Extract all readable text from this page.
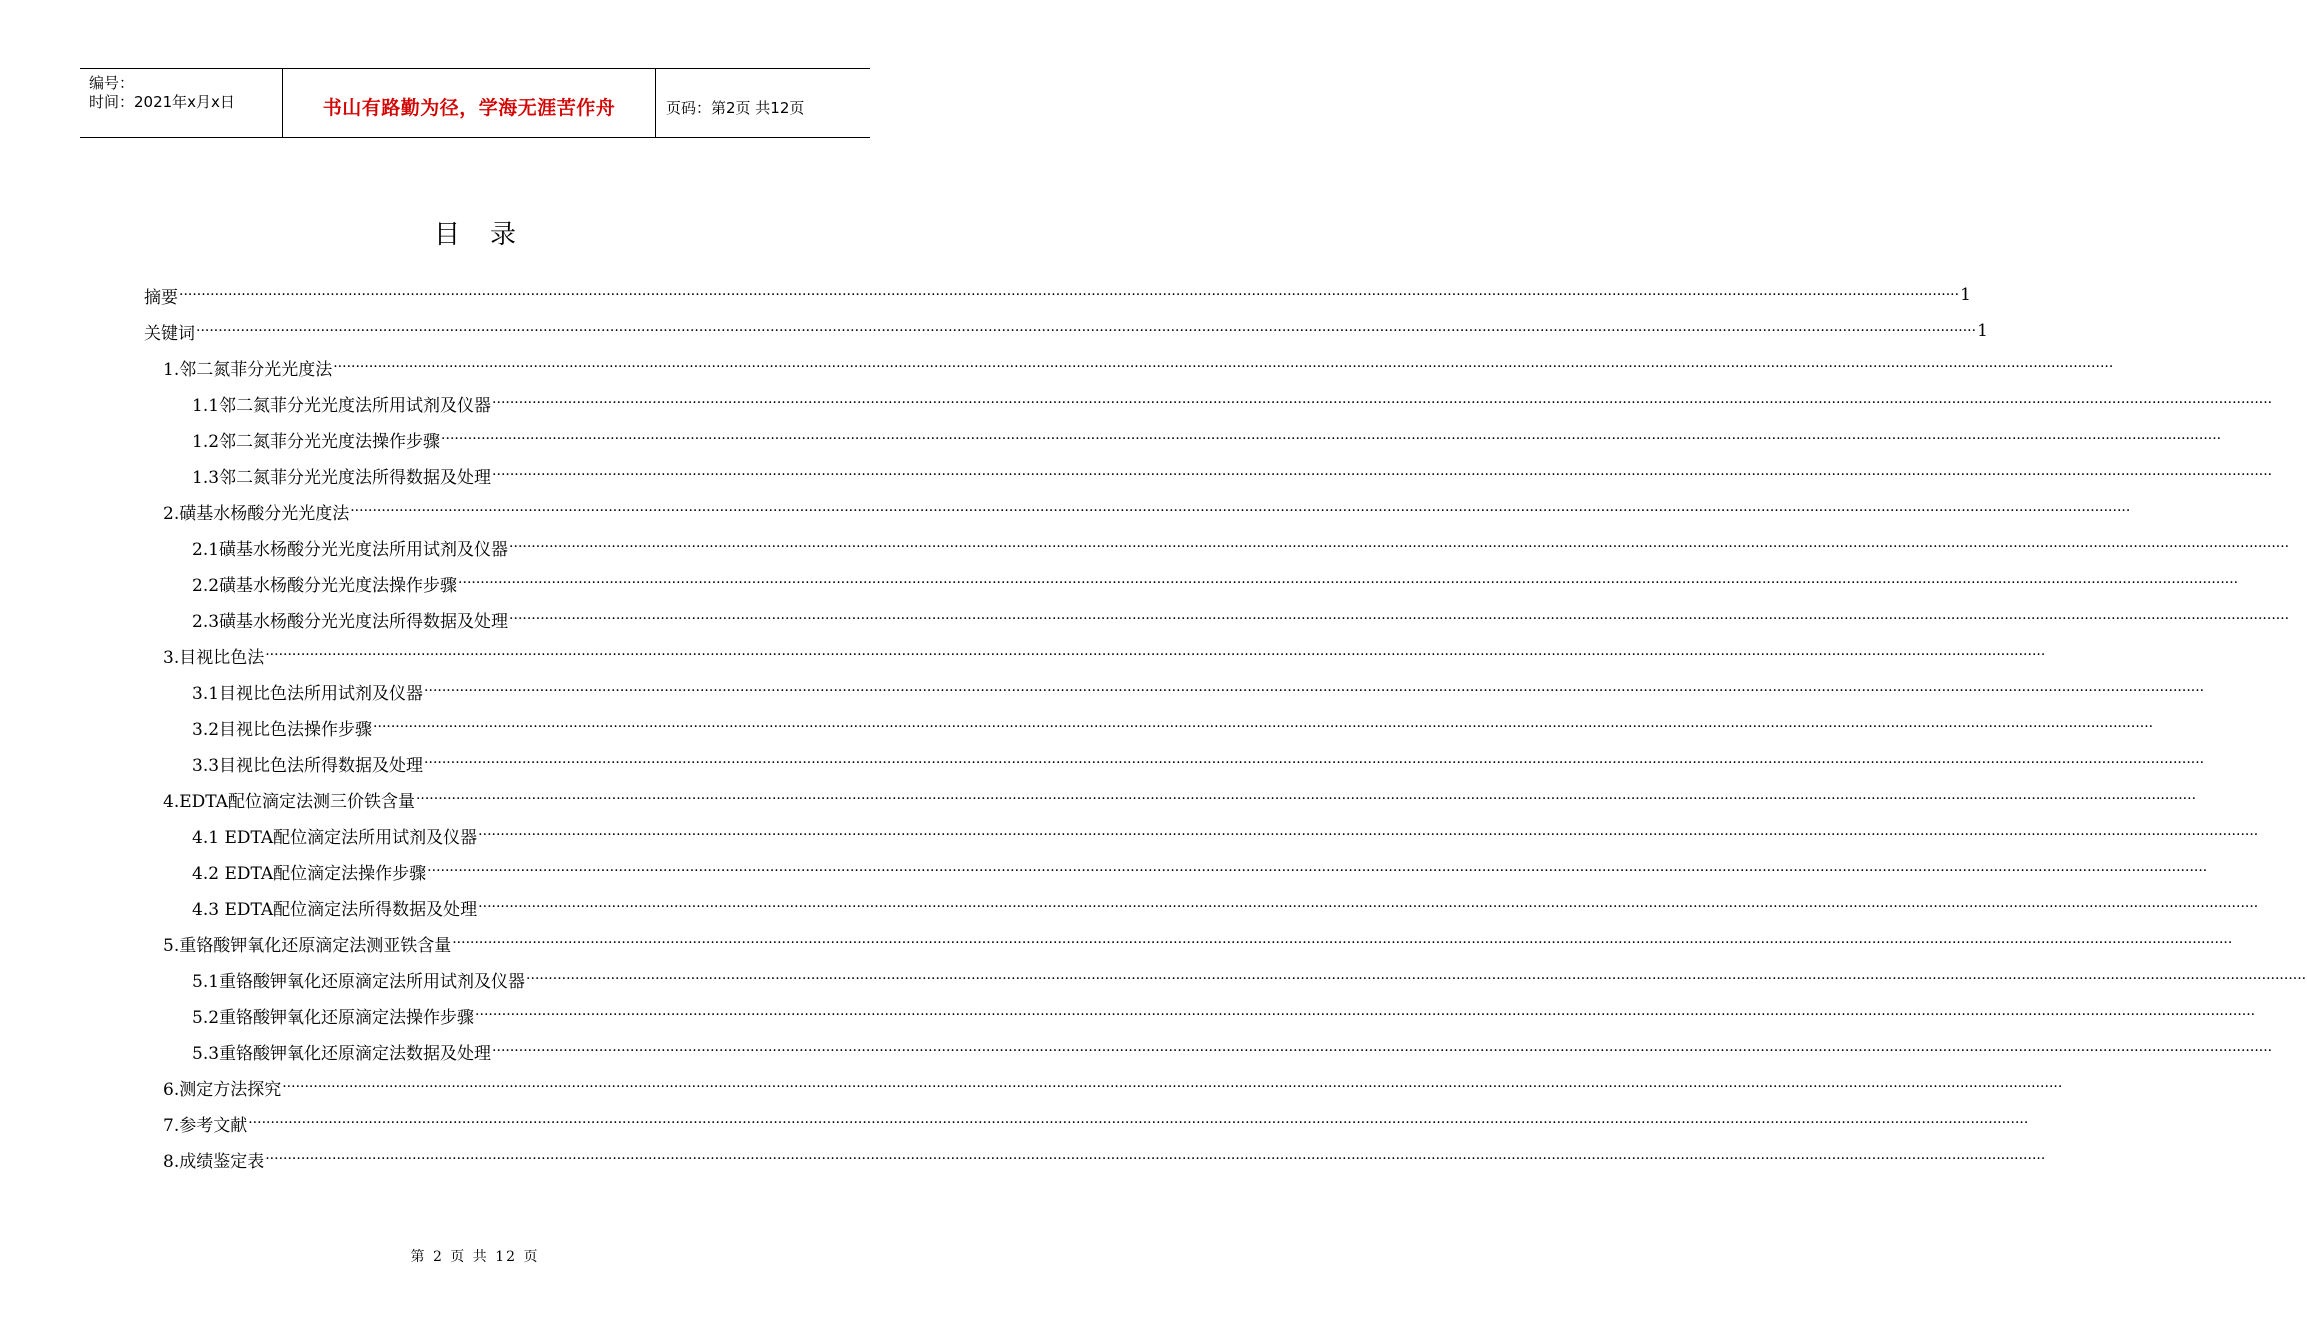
编号：
时间：2021年x月x日	书山有路勤为径，学海无涯苦作舟	页码：第2页 共12页
目录
摘要 ················································································································································································································································································································································································································ 1
关键词 ················································································································································································································································································································································································································ 1
1.邻二氮菲分光光度法 ················································································································································································································································································································································································································
1.1邻二氮菲分光光度法所用试剂及仪器 ················································································································································································································································································································································································································
1.2邻二氮菲分光光度法操作步骤 ················································································································································································································································································································································································································
1.3邻二氮菲分光光度法所得数据及处理 ················································································································································································································································································································································································································
2.磺基水杨酸分光光度法 ················································································································································································································································································································································································································
2.1磺基水杨酸分光光度法所用试剂及仪器 ················································································································································································································································································································································································································
2.2磺基水杨酸分光光度法操作步骤 ················································································································································································································································································································································································································
2.3磺基水杨酸分光光度法所得数据及处理 ················································································································································································································································································································································································································
3.目视比色法 ················································································································································································································································································································································································································
3.1目视比色法所用试剂及仪器 ················································································································································································································································································································································································································
3.2目视比色法操作步骤 ················································································································································································································································································································································································································
3.3目视比色法所得数据及处理 ················································································································································································································································································································································································································
4.EDTA配位滴定法测三价铁含量 ················································································································································································································································································································································································································
4.1 EDTA配位滴定法所用试剂及仪器 ················································································································································································································································································································································································································
4.2 EDTA配位滴定法操作步骤 ················································································································································································································································································································································································································
4.3 EDTA配位滴定法所得数据及处理 ················································································································································································································································································································································································································
5.重铬酸钾氧化还原滴定法测亚铁含量 ················································································································································································································································································································································································································
5.1重铬酸钾氧化还原滴定法所用试剂及仪器 ················································································································································································································································································································································································································
5.2重铬酸钾氧化还原滴定法操作步骤 ················································································································································································································································································································································································································
5.3重铬酸钾氧化还原滴定法数据及处理 ················································································································································································································································································································································································································
6.测定方法探究 ················································································································································································································································································································································································································
7.参考文献 ················································································································································································································································································································································································································
8.成绩鉴定表 ················································································································································································································································································································································································································
第 2 页 共 12 页
